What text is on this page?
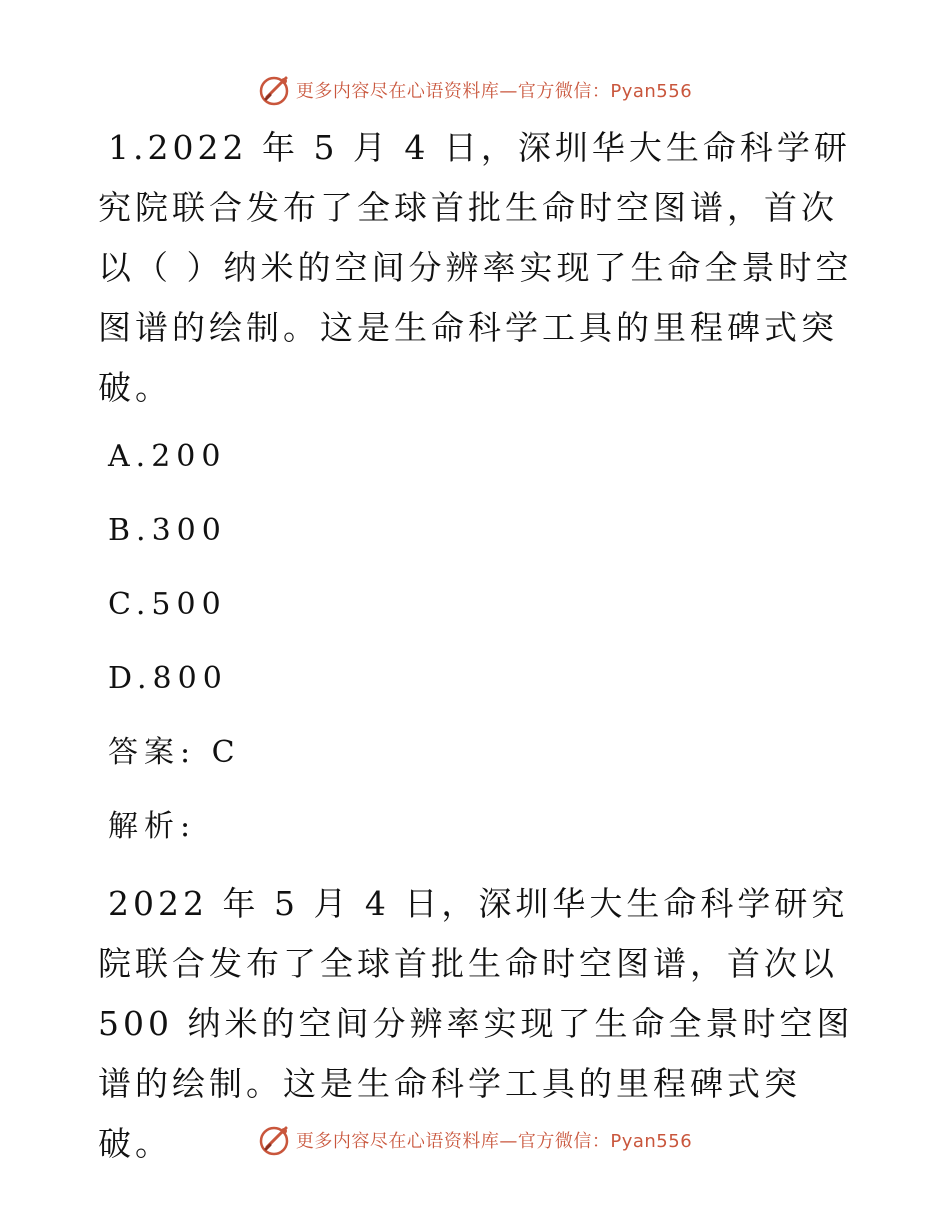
更多内容尽在心语资料库—官方微信：Pyan556

1.2022 年 5 月 4 日，深圳华大生命科学研究院联合发布了全球首批生命时空图谱，首次以（ ）纳米的空间分辨率实现了生命全景时空图谱的绘制。这是生命科学工具的里程碑式突破。

A.200
B.300
C.500
D.800
答案: C
解析:

2022 年 5 月 4 日，深圳华大生命科学研究院联合发布了全球首批生命时空图谱，首次以 500 纳米的空间分辨率实现了生命全景时空图谱的绘制。这是生命科学工具的里程碑式突破。	更多内容尽在心语资料库—官方微信：Pyan556
